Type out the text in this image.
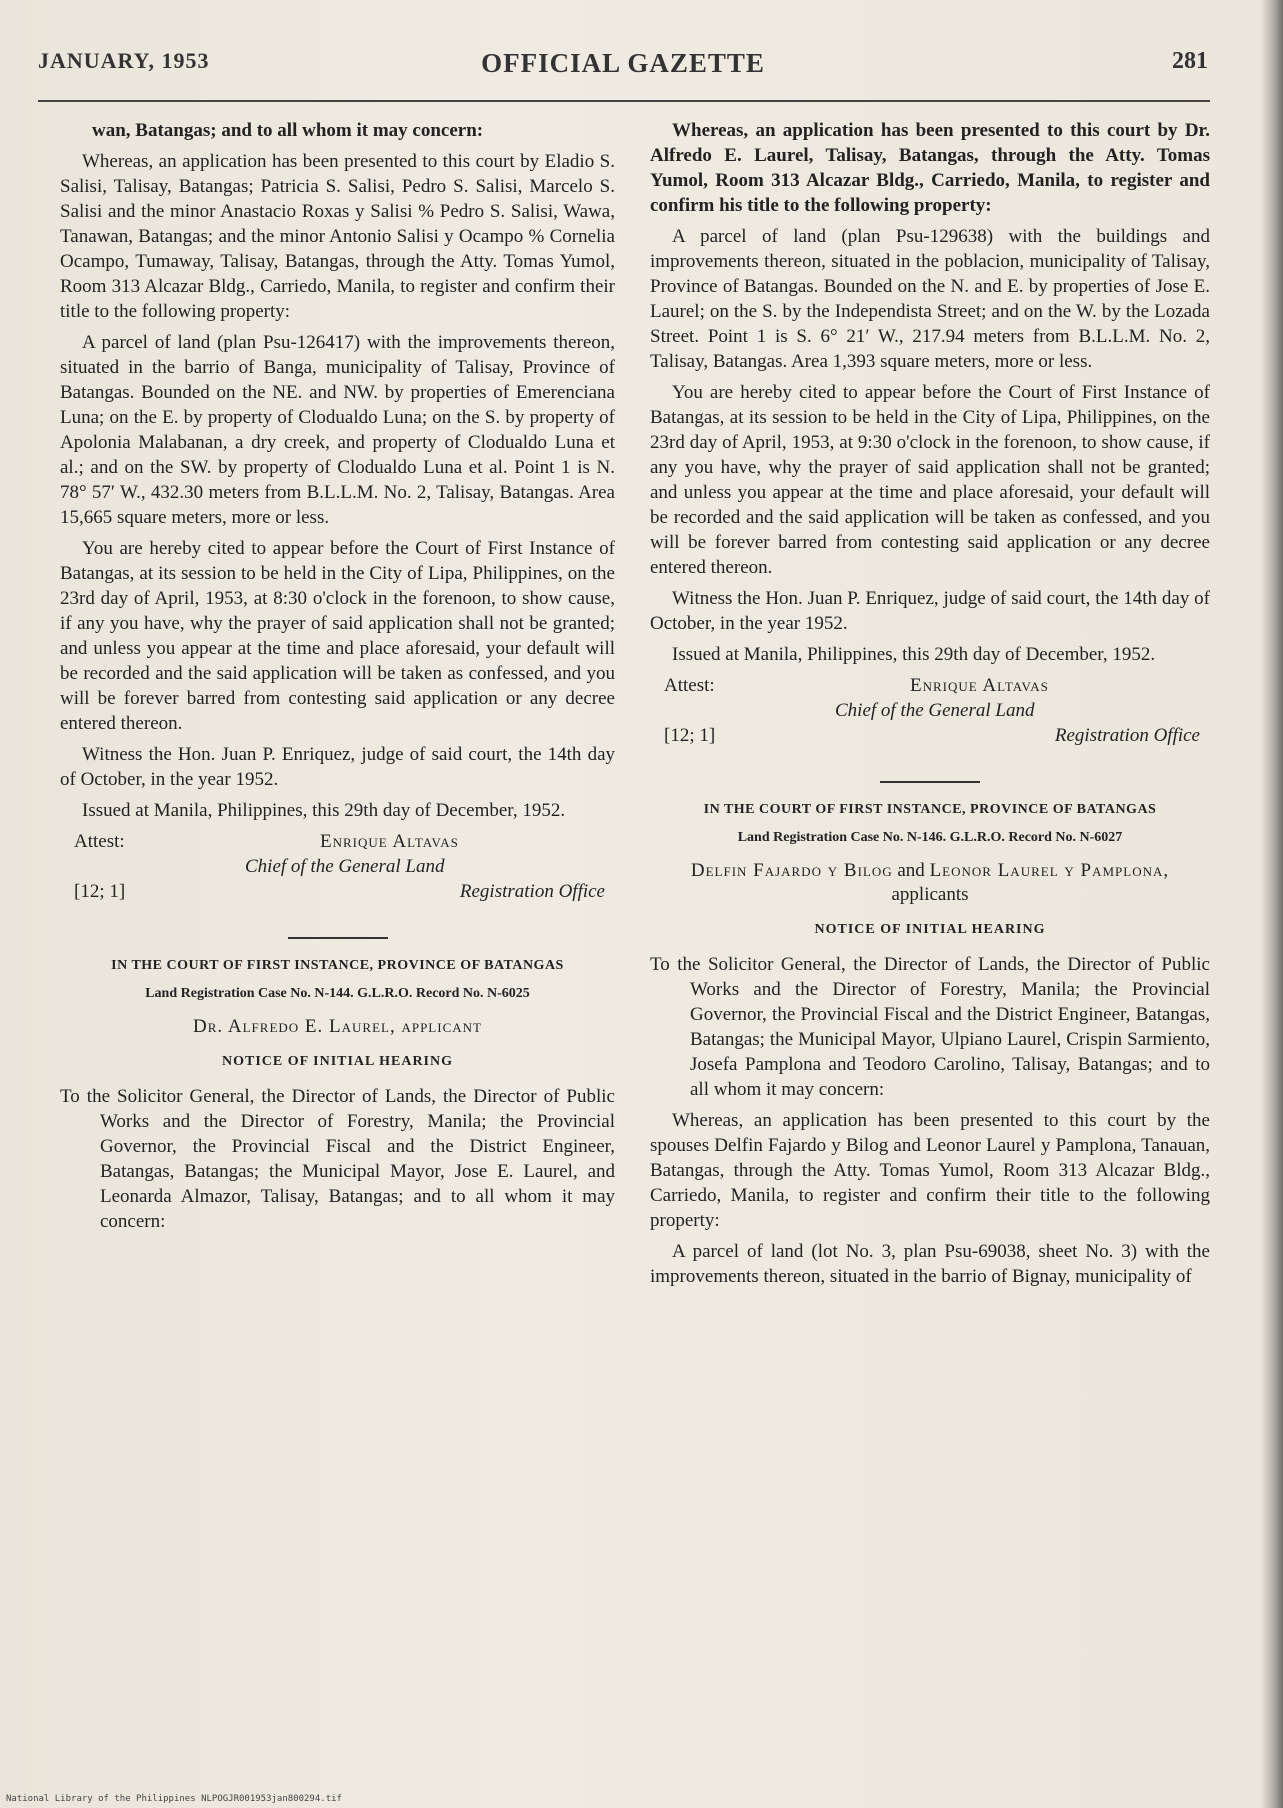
JANUARY, 1953	OFFICIAL GAZETTE	281

wan, Batangas; and to all whom it may concern:

Whereas, an application has been presented to this court by Eladio S. Salisi, Talisay, Batangas; Patricia S. Salisi, Pedro S. Salisi, Marcelo S. Salisi and the minor Anastacio Roxas y Salisi % Pedro S. Salisi, Wawa, Tanawan, Batangas; and the minor Antonio Salisi y Ocampo % Cornelia Ocampo, Tumaway, Talisay, Batangas, through the Atty. Tomas Yumol, Room 313 Alcazar Bldg., Carriedo, Manila, to register and confirm their title to the following property:

A parcel of land (plan Psu-126417) with the improvements thereon, situated in the barrio of Banga, municipality of Talisay, Province of Batangas. Bounded on the NE. and NW. by properties of Emerenciana Luna; on the E. by property of Clodualdo Luna; on the S. by property of Apolonia Malabanan, a dry creek, and property of Clodualdo Luna et al.; and on the SW. by property of Clodualdo Luna et al. Point 1 is N. 78° 57′ W., 432.30 meters from B.L.L.M. No. 2, Talisay, Batangas. Area 15,665 square meters, more or less.

You are hereby cited to appear before the Court of First Instance of Batangas, at its session to be held in the City of Lipa, Philippines, on the 23rd day of April, 1953, at 8:30 o'clock in the forenoon, to show cause, if any you have, why the prayer of said application shall not be granted; and unless you appear at the time and place aforesaid, your default will be recorded and the said application will be taken as confessed, and you will be forever barred from contesting said application or any decree entered thereon.

Witness the Hon. Juan P. Enriquez, judge of said court, the 14th day of October, in the year 1952.

Issued at Manila, Philippines, this 29th day of December, 1952.

Attest:	Enrique Altavas
Chief of the General Land
[12; 1]	Registration Office
IN THE COURT OF FIRST INSTANCE, PROVINCE OF BATANGAS
Land Registration Case No. N-144. G.L.R.O. Record No. N-6025
Dr. Alfredo E. Laurel, applicant
NOTICE OF INITIAL HEARING

To the Solicitor General, the Director of Lands, the Director of Public Works and the Director of Forestry, Manila; the Provincial Governor, the Provincial Fiscal and the District Engineer, Batangas, Batangas; the Municipal Mayor, Jose E. Laurel, and Leonarda Almazor, Talisay, Batangas; and to all whom it may concern:

Whereas, an application has been presented to this court by Dr. Alfredo E. Laurel, Talisay, Batangas, through the Atty. Tomas Yumol, Room 313 Alcazar Bldg., Carriedo, Manila, to register and confirm his title to the following property:

A parcel of land (plan Psu-129638) with the buildings and improvements thereon, situated in the poblacion, municipality of Talisay, Province of Batangas. Bounded on the N. and E. by properties of Jose E. Laurel; on the S. by the Independista Street; and on the W. by the Lozada Street. Point 1 is S. 6° 21′ W., 217.94 meters from B.L.L.M. No. 2, Talisay, Batangas. Area 1,393 square meters, more or less.

You are hereby cited to appear before the Court of First Instance of Batangas, at its session to be held in the City of Lipa, Philippines, on the 23rd day of April, 1953, at 9:30 o'clock in the forenoon, to show cause, if any you have, why the prayer of said application shall not be granted; and unless you appear at the time and place aforesaid, your default will be recorded and the said application will be taken as confessed, and you will be forever barred from contesting said application or any decree entered thereon.

Witness the Hon. Juan P. Enriquez, judge of said court, the 14th day of October, in the year 1952.

Issued at Manila, Philippines, this 29th day of December, 1952.

Attest:	Enrique Altavas
Chief of the General Land
[12; 1]	Registration Office
IN THE COURT OF FIRST INSTANCE, PROVINCE OF BATANGAS
Land Registration Case No. N-146. G.L.R.O. Record No. N-6027
Delfin Fajardo y Bilog and Leonor Laurel y Pamplona, applicants
NOTICE OF INITIAL HEARING

To the Solicitor General, the Director of Lands, the Director of Public Works and the Director of Forestry, Manila; the Provincial Governor, the Provincial Fiscal and the District Engineer, Batangas, Batangas; the Municipal Mayor, Ulpiano Laurel, Crispin Sarmiento, Josefa Pamplona and Teodoro Carolino, Talisay, Batangas; and to all whom it may concern:

Whereas, an application has been presented to this court by the spouses Delfin Fajardo y Bilog and Leonor Laurel y Pamplona, Tanauan, Batangas, through the Atty. Tomas Yumol, Room 313 Alcazar Bldg., Carriedo, Manila, to register and confirm their title to the following property:

A parcel of land (lot No. 3, plan Psu-69038, sheet No. 3) with the improvements thereon, situated in the barrio of Bignay, municipality of

National Library of the Philippines NLPOGJR001953jan800294.tif
